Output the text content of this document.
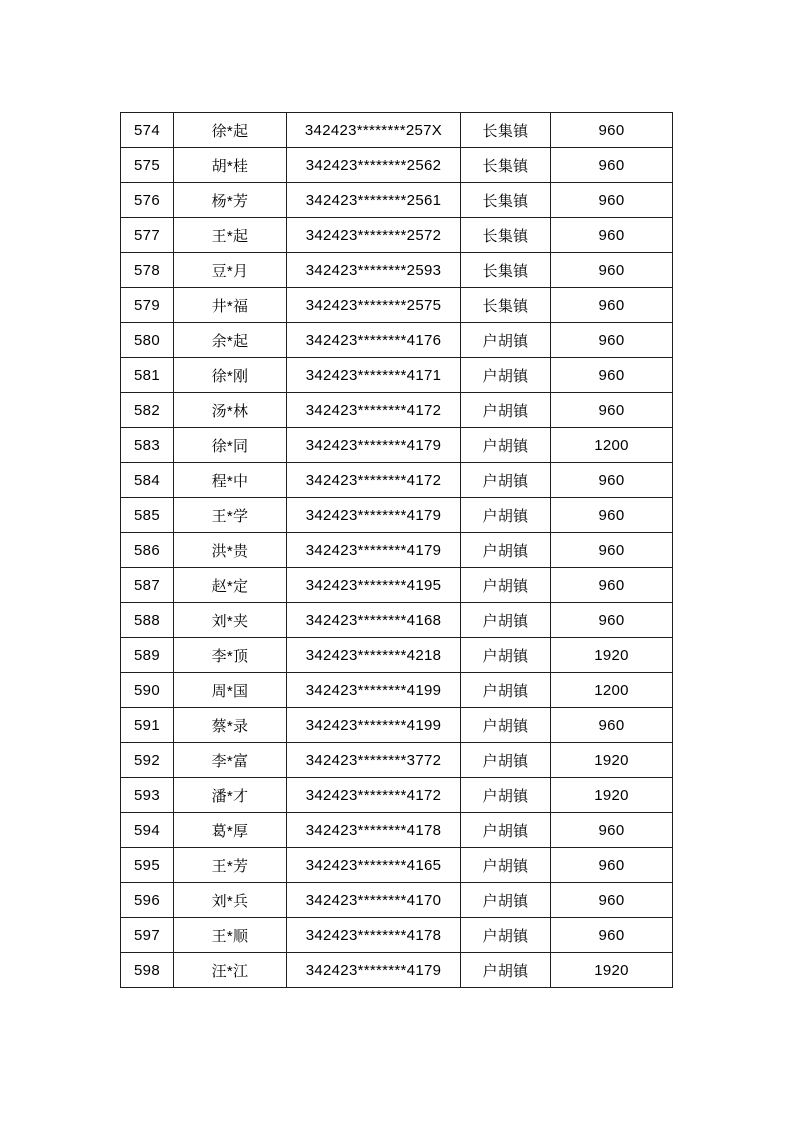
574	徐*起	342423********257X	长集镇	960
575	胡*桂	342423********2562	长集镇	960
576	杨*芳	342423********2561	长集镇	960
577	王*起	342423********2572	长集镇	960
578	豆*月	342423********2593	长集镇	960
579	井*福	342423********2575	长集镇	960
580	余*起	342423********4176	户胡镇	960
581	徐*刚	342423********4171	户胡镇	960
582	汤*林	342423********4172	户胡镇	960
583	徐*同	342423********4179	户胡镇	1200
584	程*中	342423********4172	户胡镇	960
585	王*学	342423********4179	户胡镇	960
586	洪*贵	342423********4179	户胡镇	960
587	赵*定	342423********4195	户胡镇	960
588	刘*夹	342423********4168	户胡镇	960
589	李*顶	342423********4218	户胡镇	1920
590	周*国	342423********4199	户胡镇	1200
591	蔡*录	342423********4199	户胡镇	960
592	李*富	342423********3772	户胡镇	1920
593	潘*才	342423********4172	户胡镇	1920
594	葛*厚	342423********4178	户胡镇	960
595	王*芳	342423********4165	户胡镇	960
596	刘*兵	342423********4170	户胡镇	960
597	王*顺	342423********4178	户胡镇	960
598	汪*江	342423********4179	户胡镇	1920
